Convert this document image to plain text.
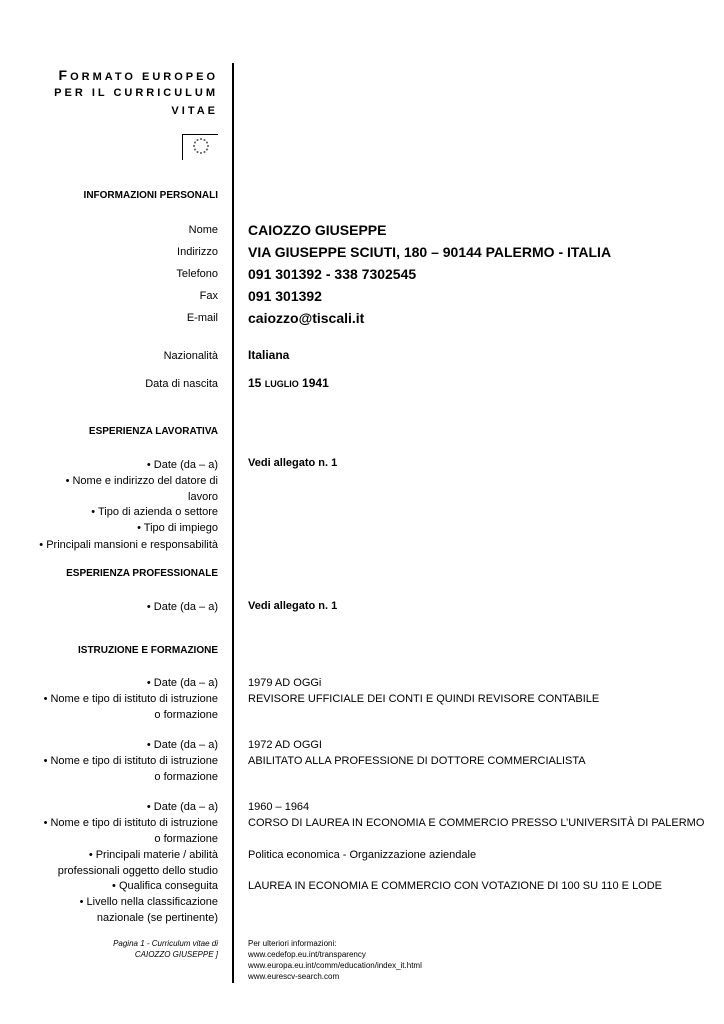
FORMATO EUROPEO
PER IL CURRICULUM
VITAE
INFORMAZIONI PERSONALI
Nome CAIOZZO GIUSEPPE
Indirizzo VIA GIUSEPPE SCIUTI, 180 – 90144 PALERMO - ITALIA
Telefono 091 301392 - 338 7302545
Fax 091 301392
E-mail caiozzo@tiscali.it
Nazionalità	Italiana
Data di nascita	15 LUGLIO 1941
ESPERIENZA LAVORATIVA
• Date (da – a)	Vedi allegato n. 1
• Nome e indirizzo del datore di lavoro
• Tipo di azienda o settore
• Tipo di impiego
• Principali mansioni e responsabilità
ESPERIENZA PROFESSIONALE
• Date (da – a)	Vedi allegato n. 1
ISTRUZIONE E FORMAZIONE
• Date (da – a)	1979 AD OGGi
• Nome e tipo di istituto di istruzione o formazione
REVISORE UFFICIALE DEI CONTI E QUINDI REVISORE CONTABILE
• Date (da – a)	1972 AD OGGI
• Nome e tipo di istituto di istruzione o formazione
ABILITATO ALLA PROFESSIONE DI DOTTORE COMMERCIALISTA
• Date (da – a)	1960 – 1964
• Nome e tipo di istituto di istruzione o formazione
CORSO DI LAUREA IN ECONOMIA E COMMERCIO PRESSO L’UNIVERSITÀ DI PALERMO
• Principali materie / abilità professionali oggetto dello studio
Politica economica - Organizzazione aziendale
• Qualifica conseguita	LAUREA IN ECONOMIA E COMMERCIO CON VOTAZIONE DI 100 SU 110 E LODE
• Livello nella classificazione nazionale (se pertinente)
Pagina 1 - Curriculum vitae di
CAIOZZO GIUSEPPE ]
Per ulteriori informazioni:
www.cedefop.eu.int/transparency
www.europa.eu.int/comm/education/index_it.html
www.eurescv-search.com
